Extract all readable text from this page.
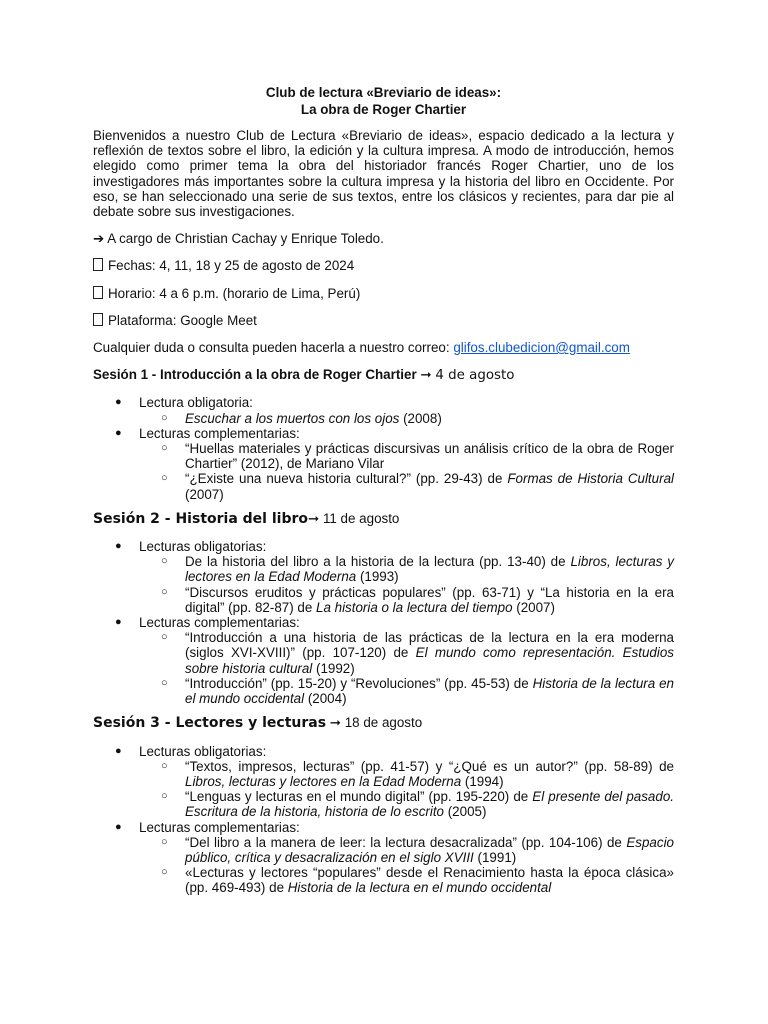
Club de lectura «Breviario de ideas»:
La obra de Roger Chartier

Bienvenidos a nuestro Club de Lectura «Breviario de ideas», espacio dedicado a la lectura y reflexión de textos sobre el libro, la edición y la cultura impresa. A modo de introducción, hemos elegido como primer tema la obra del historiador francés Roger Chartier, uno de los investigadores más importantes sobre la cultura impresa y la historia del libro en Occidente. Por eso, se han seleccionado una serie de sus textos, entre los clásicos y recientes, para dar pie al debate sobre sus investigaciones.

➔ A cargo de Christian Cachay y Enrique Toledo.
Fechas: 4, 11, 18 y 25 de agosto de 2024
Horario: 4 a 6 p.m. (horario de Lima, Perú)
Plataforma: Google Meet
Cualquier duda o consulta pueden hacerla a nuestro correo: glifos.clubedicion@gmail.com
Sesión 1 - Introducción a la obra de Roger Chartier ➞ 4 de agosto
● Lectura obligatoria:
○ Escuchar a los muertos con los ojos (2008)
● Lecturas complementarias:
○ “Huellas materiales y prácticas discursivas un análisis crítico de la obra de Roger Chartier” (2012), de Mariano Vilar
○ “¿Existe una nueva historia cultural?” (pp. 29-43) de Formas de Historia Cultural (2007)
Sesión 2 - Historia del libro➞ 11 de agosto
● Lecturas obligatorias:
○ De la historia del libro a la historia de la lectura (pp. 13-40) de Libros, lecturas y lectores en la Edad Moderna (1993)
○ “Discursos eruditos y prácticas populares” (pp. 63-71) y “La historia en la era digital” (pp. 82-87) de La historia o la lectura del tiempo (2007)
● Lecturas complementarias:
○ “Introducción a una historia de las prácticas de la lectura en la era moderna (siglos XVI-XVIII)” (pp. 107-120) de El mundo como representación. Estudios sobre historia cultural (1992)
○ “Introducción” (pp. 15-20) y “Revoluciones” (pp. 45-53) de Historia de la lectura en el mundo occidental (2004)
Sesión 3 - Lectores y lecturas ➞ 18 de agosto
● Lecturas obligatorias:
○ “Textos, impresos, lecturas” (pp. 41-57) y “¿Qué es un autor?” (pp. 58-89) de Libros, lecturas y lectores en la Edad Moderna (1994)
○ “Lenguas y lecturas en el mundo digital” (pp. 195-220) de El presente del pasado. Escritura de la historia, historia de lo escrito (2005)
● Lecturas complementarias:
○ “Del libro a la manera de leer: la lectura desacralizada” (pp. 104-106) de Espacio público, crítica y desacralización en el siglo XVIII (1991)
○ «Lecturas y lectores “populares” desde el Renacimiento hasta la época clásica» (pp. 469-493) de Historia de la lectura en el mundo occidental
